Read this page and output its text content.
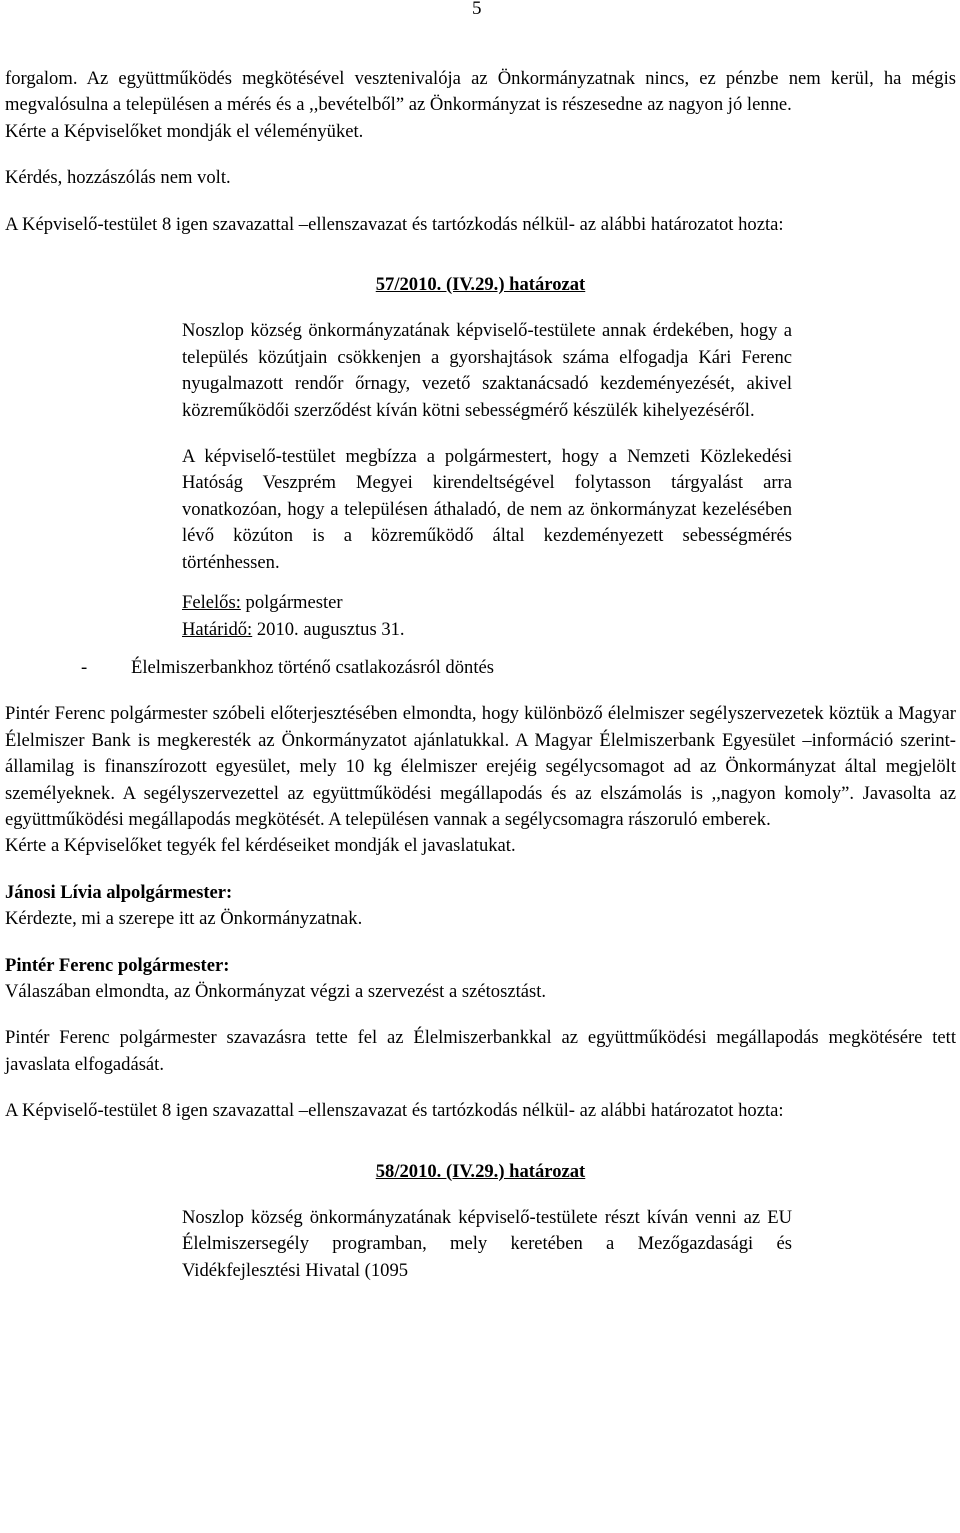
5

forgalom. Az együttműködés megkötésével vesztenivalója az Önkormányzatnak nincs, ez pénzbe nem kerül, ha mégis megvalósulna a településen a mérés és a ,,bevételből” az Önkormányzat is részesedne az nagyon jó lenne.

Kérte a Képviselőket mondják el véleményüket.

Kérdés, hozzászólás nem volt.

A Képviselő-testület 8 igen szavazattal –ellenszavazat és tartózkodás nélkül- az alábbi határozatot hozta:

57/2010. (IV.29.) határozat

Noszlop község önkormányzatának képviselő-testülete annak érdekében, hogy a település közútjain csökkenjen a gyorshajtások száma elfogadja Kári Ferenc nyugalmazott rendőr őrnagy, vezető szaktanácsadó kezdeményezését, akivel közreműködői szerződést kíván kötni sebességmérő készülék kihelyezéséről.

A képviselő-testület megbízza a polgármestert, hogy a Nemzeti Közlekedési Hatóság Veszprém Megyei kirendeltségével folytasson tárgyalást arra vonatkozóan, hogy a településen áthaladó, de nem az önkormányzat kezelésében lévő közúton is a közreműködő által kezdeményezett sebességmérés történhessen.

Felelős: polgármester

Határidő: 2010. augusztus 31.

- Élelmiszerbankhoz történő csatlakozásról döntés

Pintér Ferenc polgármester szóbeli előterjesztésében elmondta, hogy különböző élelmiszer segélyszervezetek köztük a Magyar Élelmiszer Bank is megkeresték az Önkormányzatot ajánlatukkal. A Magyar Élelmiszerbank Egyesület –információ szerint- államilag is finanszírozott egyesület, mely 10 kg élelmiszer erejéig segélycsomagot ad az Önkormányzat által megjelölt személyeknek. A segélyszervezettel az együttműködési megállapodás és az elszámolás is ,,nagyon komoly”. Javasolta az együttműködési megállapodás megkötését. A településen vannak a segélycsomagra rászoruló emberek.

Kérte a Képviselőket tegyék fel kérdéseiket mondják el javaslatukat.

Jánosi Lívia alpolgármester:

Kérdezte, mi a szerepe itt az Önkormányzatnak.

Pintér Ferenc polgármester:

Válaszában elmondta, az Önkormányzat végzi a szervezést a szétosztást.

Pintér Ferenc polgármester szavazásra tette fel az Élelmiszerbankkal az együttműködési megállapodás megkötésére tett javaslata elfogadását.

A Képviselő-testület 8 igen szavazattal –ellenszavazat és tartózkodás nélkül- az alábbi határozatot hozta:

58/2010. (IV.29.) határozat

Noszlop község önkormányzatának képviselő-testülete részt kíván venni az EU Élelmiszersegély programban, mely keretében a Mezőgazdasági és Vidékfejlesztési Hivatal (1095
